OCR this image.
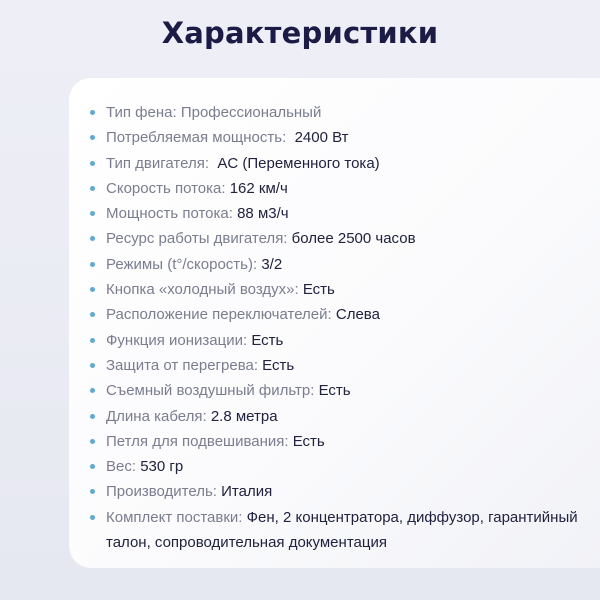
Характеристики
Тип фена: Профессиональный
Потребляемая мощность: 2400 Вт
Тип двигателя: AC (Переменного тока)
Скорость потока: 162 км/ч
Мощность потока: 88 м3/ч
Ресурс работы двигателя: более 2500 часов
Режимы (t°/скорость): 3/2
Кнопка «холодный воздух»: Есть
Расположение переключателей: Слева
Функция ионизации: Есть
Защита от перегрева: Есть
Съемный воздушный фильтр: Есть
Длина кабеля: 2.8 метра
Петля для подвешивания: Есть
Вес: 530 гр
Производитель: Италия
Комплект поставки: Фен, 2 концентратора, диффузор, гарантийный талон, сопроводительная документация
